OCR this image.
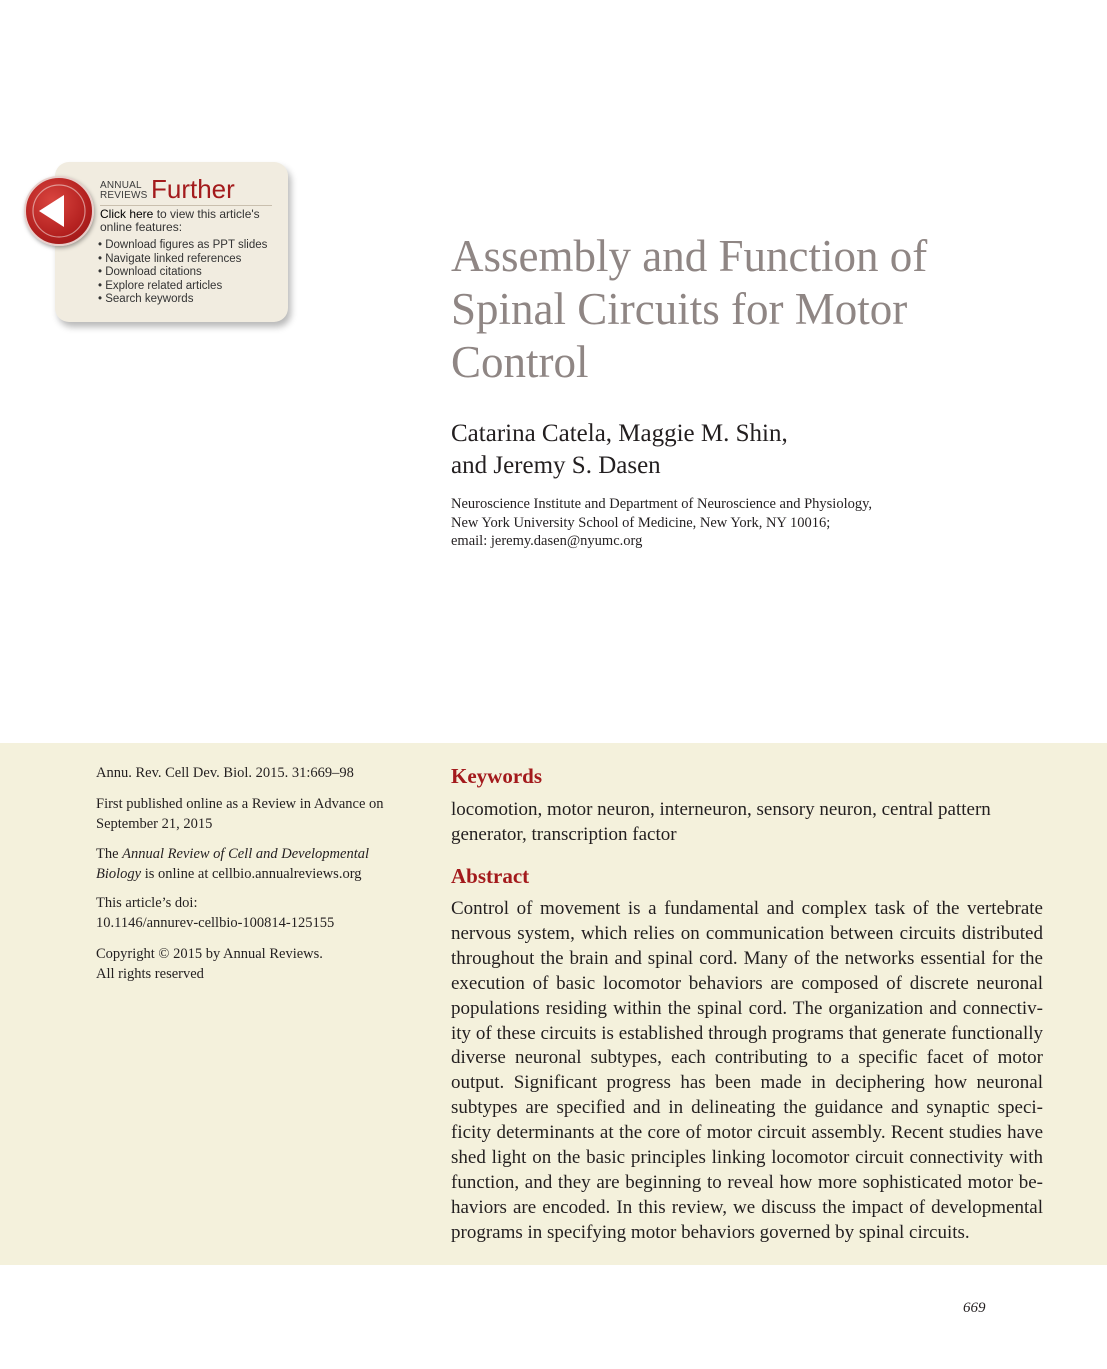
ANNUAL REVIEWS Further
Click here to view this article's online features:
• Download figures as PPT slides
• Navigate linked references
• Download citations
• Explore related articles
• Search keywords
Assembly and Function of Spinal Circuits for Motor Control
Catarina Catela, Maggie M. Shin,
and Jeremy S. Dasen
Neuroscience Institute and Department of Neuroscience and Physiology,
New York University School of Medicine, New York, NY 10016;
email: jeremy.dasen@nyumc.org
Annu. Rev. Cell Dev. Biol. 2015. 31:669–98
First published online as a Review in Advance on
September 21, 2015
The Annual Review of Cell and Developmental
Biology is online at cellbio.annualreviews.org
This article’s doi:
10.1146/annurev-cellbio-100814-125155
Copyright © 2015 by Annual Reviews.
All rights reserved
Keywords
locomotion, motor neuron, interneuron, sensory neuron, central pattern generator, transcription factor
Abstract

Control of movement is a fundamental and complex task of the vertebrate nervous system, which relies on communication between circuits distributed throughout the brain and spinal cord. Many of the networks essential for the execution of basic locomotor behaviors are composed of discrete neuronal populations residing within the spinal cord. The organization and connectivity of these circuits is established through programs that generate functionally diverse neuronal subtypes, each contributing to a specific facet of motor output. Significant progress has been made in deciphering how neuronal subtypes are specified and in delineating the guidance and synaptic specificity determinants at the core of motor circuit assembly. Recent studies have shed light on the basic principles linking locomotor circuit connectivity with function, and they are beginning to reveal how more sophisticated motor behaviors are encoded. In this review, we discuss the impact of developmental programs in specifying motor behaviors governed by spinal circuits.

669
